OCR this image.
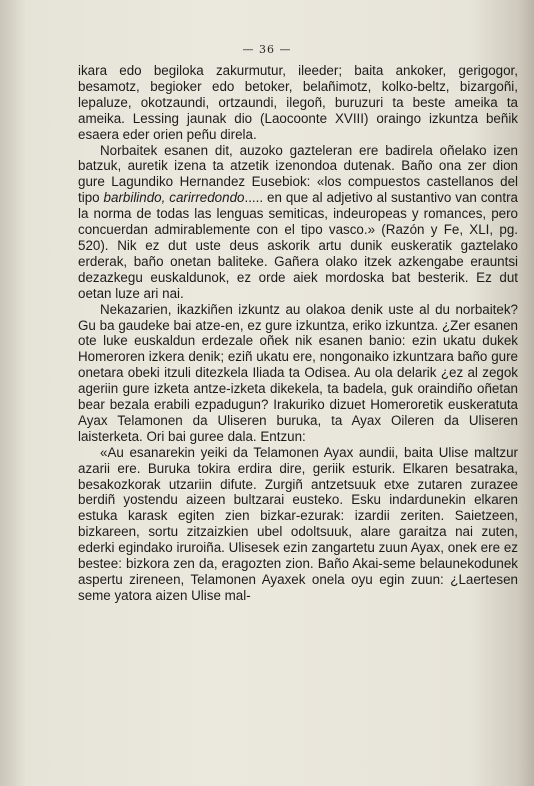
— 36 —

ikara edo begiloka zakurmutur, ileeder; baita ankoker, gerigogor, besamotz, begioker edo betoker, belañimotz, kolko-beltz, bizargoñi, lepaluze, okotzaundi, ortzaundi, ilegoñ, buruzuri ta beste ameika ta ameika. Lessing jaunak dio (Laocoonte XVIII) oraingo izkuntza beñik esaera eder orien peñu direla.

Norbaitek esanen dit, auzoko gazteleran ere badirela oñelako izen batzuk, auretik izena ta atzetik izenondoa dutenak. Baño ona zer dion gure Lagundiko Hernandez Eusebiok: «los compuestos castellanos del tipo barbilindo, carirredondo..... en que al adjetivo al sustantivo van contra la norma de todas las lenguas semiticas, indeuropeas y romances, pero concuerdan admirablemente con el tipo vasco.» (Razón y Fe, XLI, pg. 520). Nik ez dut uste deus askorik artu dunik euskeratik gaztelako erderak, baño onetan baliteke. Gañera olako itzek azkengabe erauntsi dezazkegu euskaldunok, ez orde aiek mordoska bat besterik. Ez dut oetan luze ari nai.

Nekazarien, ikazkiñen izkuntz au olakoa denik uste al du norbaitek? Gu ba gaudeke bai atze-en, ez gure izkuntza, eriko izkuntza. ¿Zer esanen ote luke euskaldun erdezale oñek nik esanen banio: ezin ukatu dukek Homeroren izkera denik; eziñ ukatu ere, nongonaiko izkuntzara baño gure onetara obeki itzuli ditezkela Iliada ta Odisea. Au ola delarik ¿ez al zegok ageriin gure izketa antze-izketa dikekela, ta badela, guk oraindiño oñetan bear bezala erabili ezpadugun? Irakuriko dizuet Homeroretik euskeratuta Ayax Telamonen da Uliseren buruka, ta Ayax Oileren da Uliseren laisterketa. Ori bai guree dala. Entzun:

«Au esanarekin yeiki da Telamonen Ayax aundii, baita Ulise maltzur azarii ere. Buruka tokira erdira dire, geriik esturik. Elkaren besatraka, besakozkorak utzariin difute. Zurgiñ antzetsuuk etxe zutaren zurazee berdiñ yostendu aizeen bultzarai eusteko. Esku indardunekin elkaren estuka karask egiten zien bizkar-ezurak: izardii zeriten. Saietzeen, bizkareen, sortu zitzaizkien ubel odoltsuuk, alare garaitza nai zuten, ederki egindako iruroiña. Ulisesek ezin zangartetu zuun Ayax, onek ere ez bestee: bizkora zen da, eragozten zion. Baño Akai-seme belaunekodunek aspertu zireneen, Telamonen Ayaxek onela oyu egin zuun: ¿Laertesen seme yatora aizen Ulise mal-
